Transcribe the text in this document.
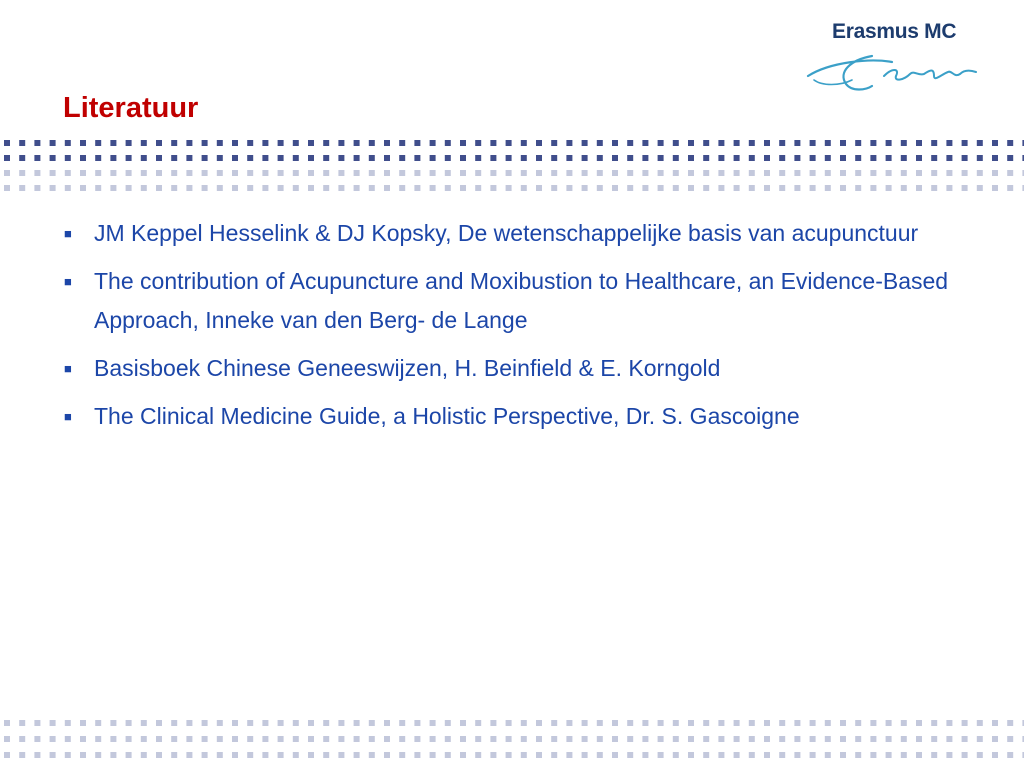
Erasmus MC
Literatuur
■ JM Keppel Hesselink & DJ Kopsky, De wetenschappelijke basis van acupunctuur
■ The contribution of Acupuncture and Moxibustion to Healthcare, an Evidence-Based Approach, Inneke van den Berg- de Lange
■ Basisboek Chinese Geneeswijzen, H. Beinfield & E. Korngold
■ The Clinical Medicine Guide, a Holistic Perspective, Dr. S. Gascoigne
